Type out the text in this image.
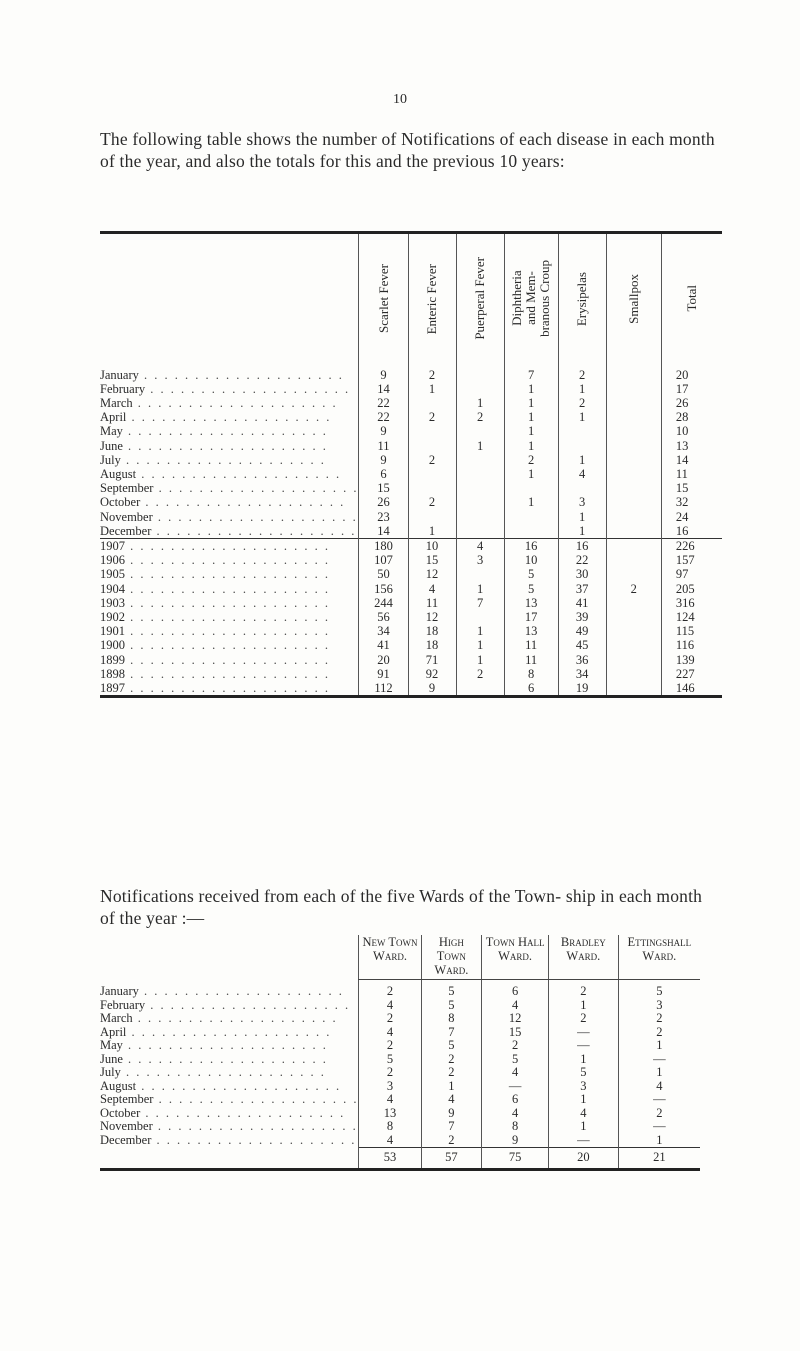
10

The following table shows the number of Notifications of each disease in each month of the year, and also the totals for this and the previous 10 years:

	Scarlet Fever	Enteric Fever	Puerperal Fever	Diphtheria
and Mem-
branous Croup	Erysipelas	Smallpox	Total
January . . . . . . . . . . . . . . . . . . . .	9	2		7	2		20
February . . . . . . . . . . . . . . . . . . . .	14	1		1	1		17
March . . . . . . . . . . . . . . . . . . . .	22		1	1	2		26
April . . . . . . . . . . . . . . . . . . . .	22	2	2	1	1		28
May . . . . . . . . . . . . . . . . . . . .	9			1			10
June . . . . . . . . . . . . . . . . . . . .	11		1	1			13
July . . . . . . . . . . . . . . . . . . . .	9	2		2	1		14
August . . . . . . . . . . . . . . . . . . . .	6			1	4		11
September . . . . . . . . . . . . . . . . . . . .	15						15
October . . . . . . . . . . . . . . . . . . . .	26	2		1	3		32
November . . . . . . . . . . . . . . . . . . . .	23				1		24
December . . . . . . . . . . . . . . . . . . . .	14	1			1		16
1907 . . . . . . . . . . . . . . . . . . . .	180	10	4	16	16		226
1906 . . . . . . . . . . . . . . . . . . . .	107	15	3	10	22		157
1905 . . . . . . . . . . . . . . . . . . . .	50	12		5	30		97
1904 . . . . . . . . . . . . . . . . . . . .	156	4	1	5	37	2	205
1903 . . . . . . . . . . . . . . . . . . . .	244	11	7	13	41		316
1902 . . . . . . . . . . . . . . . . . . . .	56	12		17	39		124
1901 . . . . . . . . . . . . . . . . . . . .	34	18	1	13	49		115
1900 . . . . . . . . . . . . . . . . . . . .	41	18	1	11	45		116
1899 . . . . . . . . . . . . . . . . . . . .	20	71	1	11	36		139
1898 . . . . . . . . . . . . . . . . . . . .	91	92	2	8	34		227
1897 . . . . . . . . . . . . . . . . . . . .	112	9		6	19		146

Notifications received from each of the five Wards of the Town- ship in each month of the year :—

	New Town Ward.	High Town Ward.	Town Hall Ward.	Bradley Ward.	Ettingshall Ward.
January . . . . . . . . . . . . . . . . . . . .	2	5	6	2	5
February . . . . . . . . . . . . . . . . . . . .	4	5	4	1	3
March . . . . . . . . . . . . . . . . . . . .	2	8	12	2	2
April . . . . . . . . . . . . . . . . . . . .	4	7	15	—	2
May . . . . . . . . . . . . . . . . . . . .	2	5	2	—	1
June . . . . . . . . . . . . . . . . . . . .	5	2	5	1	—
July . . . . . . . . . . . . . . . . . . . .	2	2	4	5	1
August . . . . . . . . . . . . . . . . . . . .	3	1	—	3	4
September . . . . . . . . . . . . . . . . . . . .	4	4	6	1	—
October . . . . . . . . . . . . . . . . . . . .	13	9	4	4	2
November . . . . . . . . . . . . . . . . . . . .	8	7	8	1	—
December . . . . . . . . . . . . . . . . . . . .	4	2	9	—	1
	53	57	75	20	21
